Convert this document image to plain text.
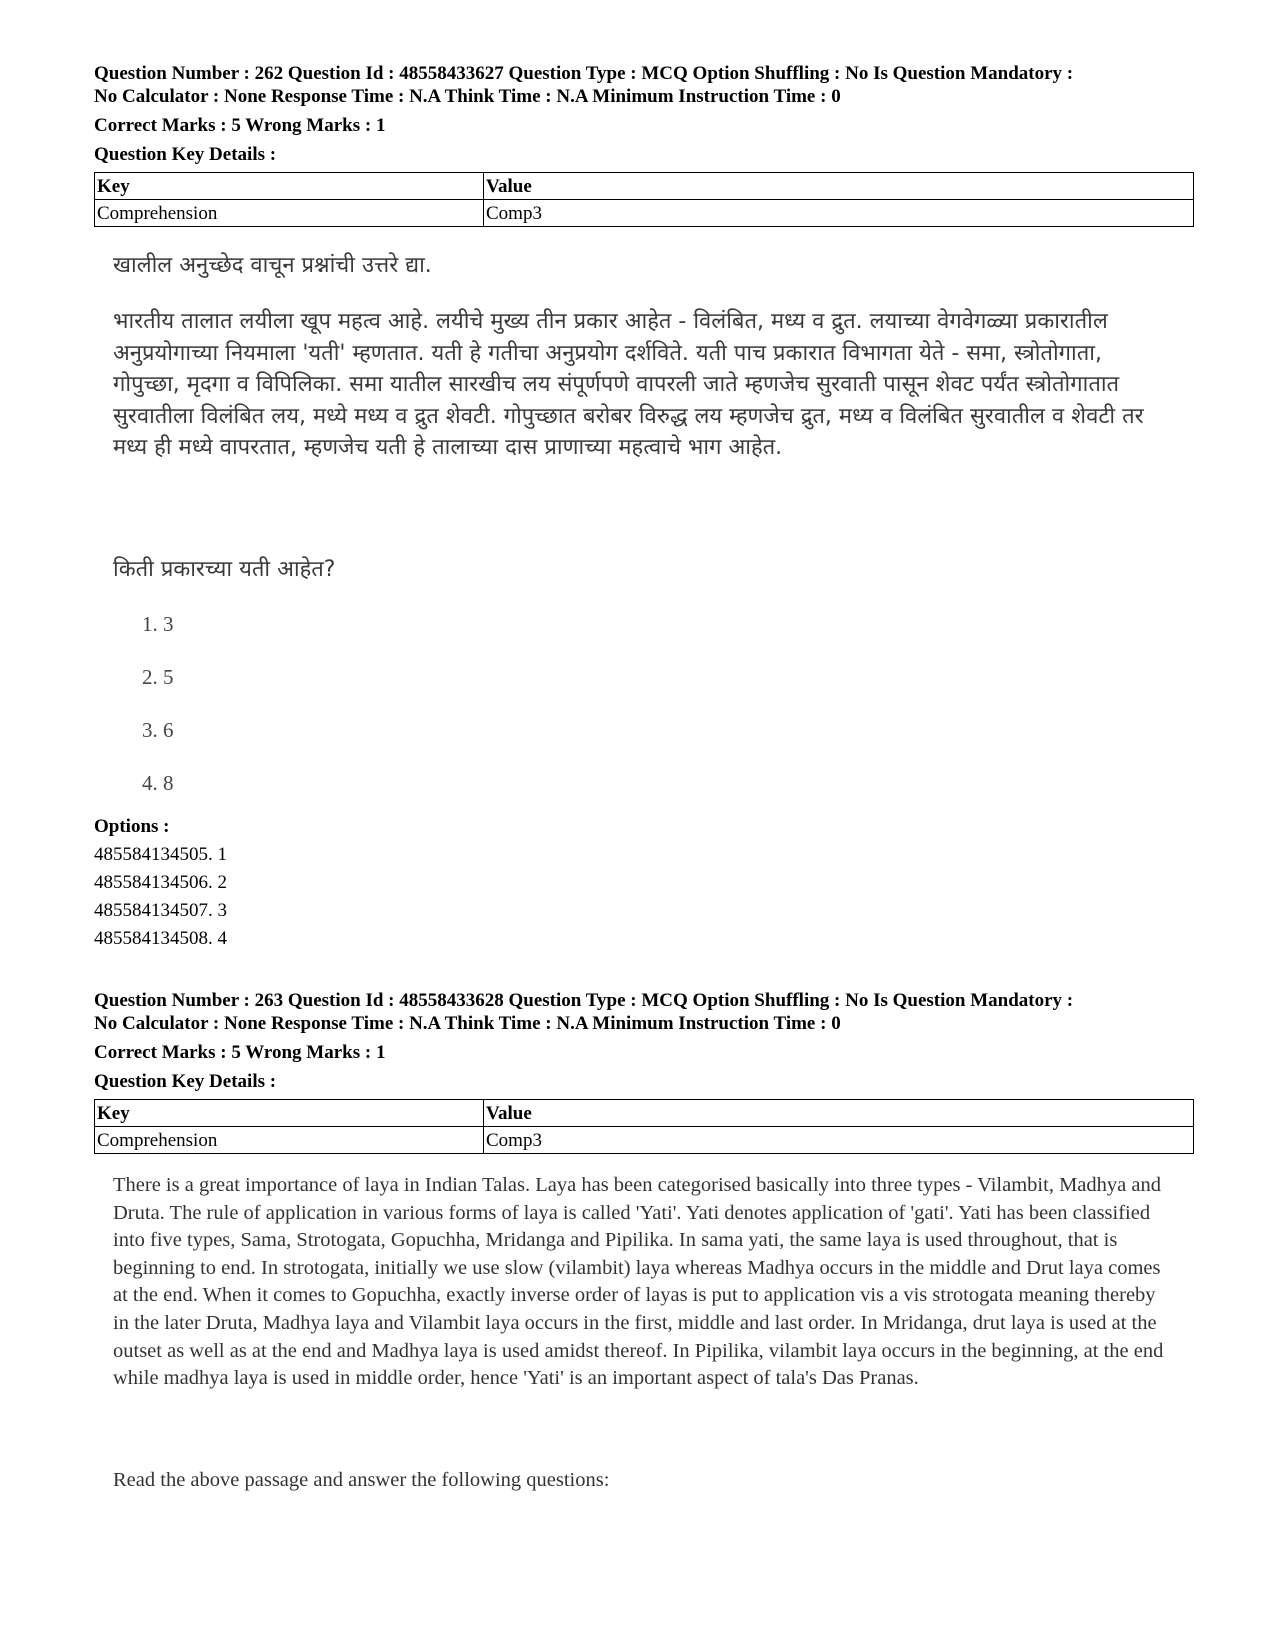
Question Number : 262 Question Id : 48558433627 Question Type : MCQ Option Shuffling : No Is Question Mandatory :

No Calculator : None Response Time : N.A Think Time : N.A Minimum Instruction Time : 0

Correct Marks : 5 Wrong Marks : 1
Question Key Details :
Key	Value
Comprehension	Comp3

खालील अनुच्छेद वाचून प्रश्नांची उत्तरे द्या.

भारतीय तालात लयीला खूप महत्व आहे. लयीचे मुख्य तीन प्रकार आहेत - विलंबित, मध्य व द्रुत. लयाच्या वेगवेगळ्या प्रकारातील अनुप्रयोगाच्या नियमाला 'यती' म्हणतात. यती हे गतीचा अनुप्रयोग दर्शविते. यती पाच प्रकारात विभागता येते - समा, स्त्रोतोगाता, गोपुच्छा, मृदगा व विपिलिका. समा यातील सारखीच लय संपूर्णपणे वापरली जाते म्हणजेच सुरवाती पासून शेवट पर्यंत स्त्रोतोगातात सुरवातीला विलंबित लय, मध्ये मध्य व द्रुत शेवटी. गोपुच्छात बरोबर विरुद्ध लय म्हणजेच द्रुत, मध्य व विलंबित सुरवातील व शेवटी तर मध्य ही मध्ये वापरतात, म्हणजेच यती हे तालाच्या दास प्राणाच्या महत्वाचे भाग आहेत.

किती प्रकारच्या यती आहेत?

1. 3
2. 5
3. 6
4. 8
Options :
485584134505. 1
485584134506. 2
485584134507. 3
485584134508. 4

Question Number : 263 Question Id : 48558433628 Question Type : MCQ Option Shuffling : No Is Question Mandatory :

No Calculator : None Response Time : N.A Think Time : N.A Minimum Instruction Time : 0

Correct Marks : 5 Wrong Marks : 1
Question Key Details :
Key	Value
Comprehension	Comp3

There is a great importance of laya in Indian Talas. Laya has been categorised basically into three types - Vilambit, Madhya and Druta. The rule of application in various forms of laya is called 'Yati'. Yati denotes application of 'gati'. Yati has been classified into five types, Sama, Strotogata, Gopuchha, Mridanga and Pipilika. In sama yati, the same laya is used throughout, that is beginning to end. In strotogata, initially we use slow (vilambit) laya whereas Madhya occurs in the middle and Drut laya comes at the end. When it comes to Gopuchha, exactly inverse order of layas is put to application vis a vis strotogata meaning thereby in the later Druta, Madhya laya and Vilambit laya occurs in the first, middle and last order. In Mridanga, drut laya is used at the outset as well as at the end and Madhya laya is used amidst thereof. In Pipilika, vilambit laya occurs in the beginning, at the end while madhya laya is used in middle order, hence 'Yati' is an important aspect of tala's Das Pranas.

Read the above passage and answer the following questions:
